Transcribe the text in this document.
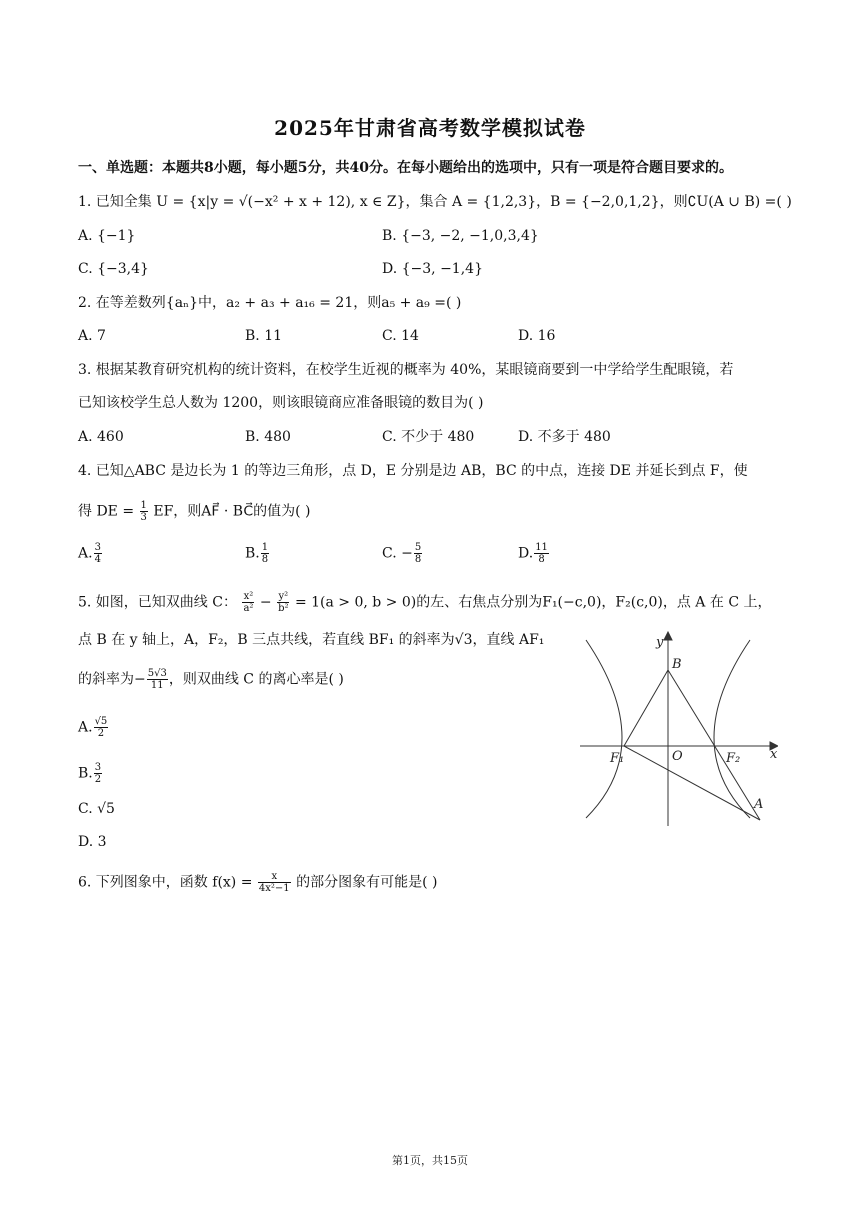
2025年甘肃省高考数学模拟试卷
一、单选题：本题共8小题，每小题5分，共40分。在每小题给出的选项中，只有一项是符合题目要求的。
1. 已知全集 U = {x|y = √(−x² + x + 12), x ∈ Z}，集合 A = {1,2,3}，B = {−2,0,1,2}，则∁U(A ∪ B) =( )
A. {−1}	B. {−3, −2, −1,0,3,4}
C. {−3,4}	D. {−3, −1,4}
2. 在等差数列{aₙ}中，a₂ + a₃ + a₁₆ = 21，则a₅ + a₉ =( )
A. 7	B. 11	C. 14	D. 16
3. 根据某教育研究机构的统计资料，在校学生近视的概率为 40%，某眼镜商要到一中学给学生配眼镜，若
已知该校学生总人数为 1200，则该眼镜商应准备眼镜的数目为( )
A. 460	B. 480	C. 不少于 480	D. 不多于 480
4. 已知△ABC 是边长为 1 的等边三角形，点 D，E 分别是边 AB，BC 的中点，连接 DE 并延长到点 F，使
得 DE = $\frac{1}{3}$ EF，则AF⃗ · BC⃗的值为( )
A. $\frac{3}{4}$	B. $\frac{1}{8}$	C. − $\frac{5}{8}$	D. $\frac{11}{8}$
5. 如图，已知双曲线 C： $\frac{\text{x²}}{\text{a²}} - \frac{\text{y²}}{\text{b²}} = 1(a > 0$, b > 0)的左、右焦点分别为F₁(−c,0)，F₂(c,0)，点 A 在 C 上，
点 B 在 y 轴上，A，F₂，B 三点共线，若直线 BF₁ 的斜率为√3，直线 AF₁
的斜率为− $\frac{5√3}{11}$ ，则双曲线 C 的离心率是( )
A. $\frac{√5}{2}$
B. $\frac{3}{2}$
C. √5
D. 3
y
x
B
O
F₁	F₂
A
6. 下列图象中，函数 $f(x) = \frac{x}{\text{4x²−1}}$ 的部分图象有可能是( )
第1页，共15页
